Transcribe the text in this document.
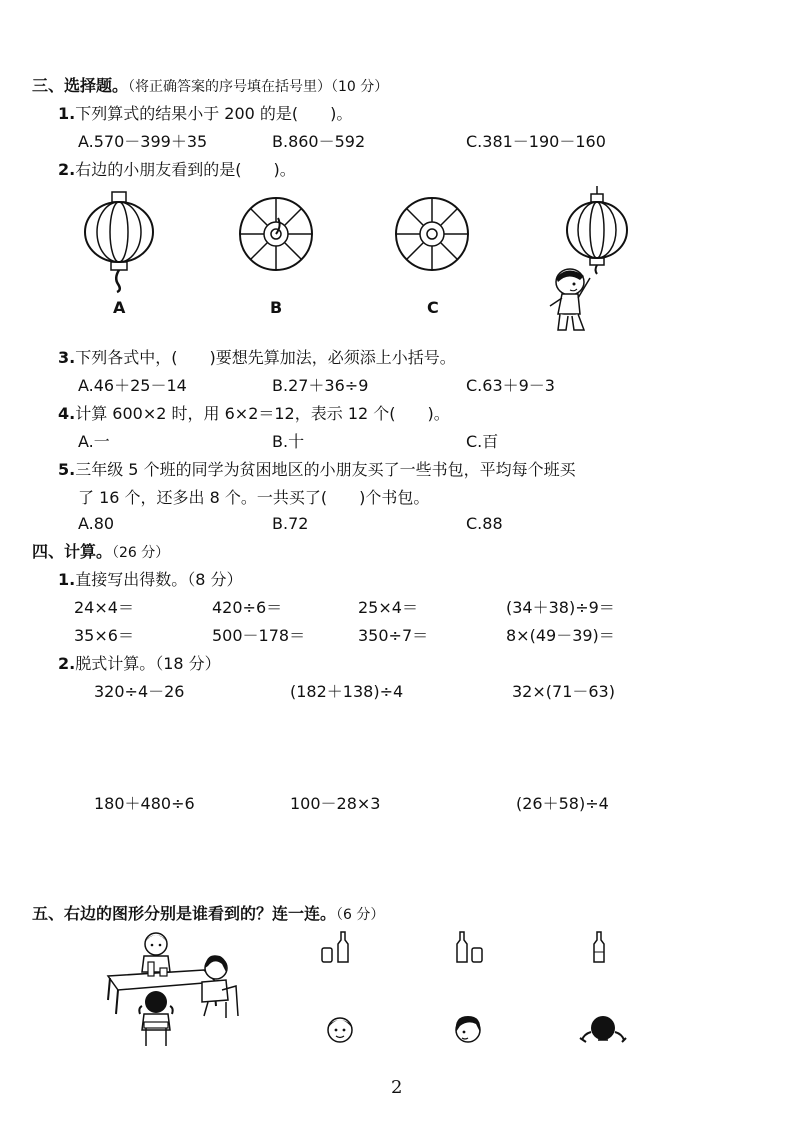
三、选择题。（将正确答案的序号填在括号里）（10 分）
1.下列算式的结果小于 200 的是(　　)。
A.570－399＋35	B.860－592	C.381－190－160
2.右边的小朋友看到的是(　　)。
A	B	C
3.下列各式中，(　　)要想先算加法，必须添上小括号。
A.46＋25－14	B.27＋36÷9	C.63＋9－3
4.计算 600×2 时，用 6×2＝12，表示 12 个(　　)。
A.一	B.十	C.百
5.三年级 5 个班的同学为贫困地区的小朋友买了一些书包，平均每个班买
了 16 个，还多出 8 个。一共买了(　　)个书包。
A.80	B.72	C.88
四、计算。（26 分）
1.直接写出得数。（8 分）
24×4＝	420÷6＝	25×4＝	(34＋38)÷9＝
35×6＝	500－178＝	350÷7＝	8×(49－39)＝
2.脱式计算。（18 分）
320÷4－26	(182＋138)÷4	32×(71－63)
180＋480÷6	100－28×3	(26＋58)÷4
五、右边的图形分别是谁看到的？连一连。（6 分）
2
